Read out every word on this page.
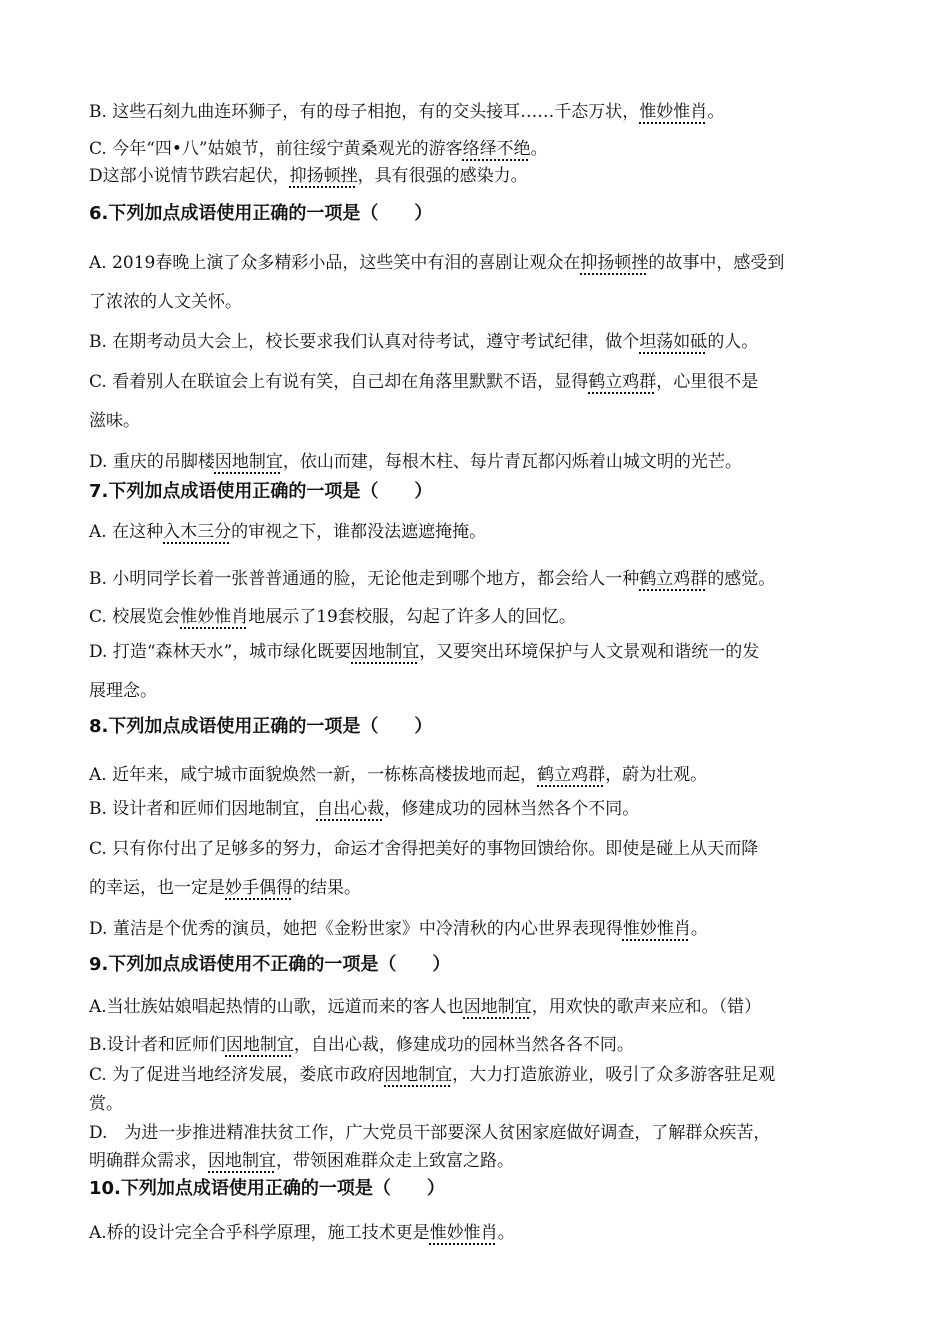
B. 这些石刻九曲连环狮子，有的母子相抱，有的交头接耳……千态万状，惟妙惟肖。
C. 今年“四•八”姑娘节，前往绥宁黄桑观光的游客络绎不绝。
D这部小说情节跌宕起伏，抑扬顿挫，具有很强的感染力。
6.下列加点成语使用正确的一项是（　　）
A. 2019春晚上演了众多精彩小品，这些笑中有泪的喜剧让观众在抑扬顿挫的故事中，感受到
了浓浓的人文关怀。
B. 在期考动员大会上，校长要求我们认真对待考试，遵守考试纪律，做个坦荡如砥的人。
C. 看着别人在联谊会上有说有笑，自己却在角落里默默不语，显得鹤立鸡群，心里很不是
滋味。
D. 重庆的吊脚楼因地制宜，依山而建，每根木柱、每片青瓦都闪烁着山城文明的光芒。
7.下列加点成语使用正确的一项是（　　）
A. 在这种入木三分的审视之下，谁都没法遮遮掩掩。
B. 小明同学长着一张普普通通的脸，无论他走到哪个地方，都会给人一种鹤立鸡群的感觉。
C. 校展览会惟妙惟肖地展示了19套校服，勾起了许多人的回忆。
D. 打造“森林天水”，城市绿化既要因地制宜，又要突出环境保护与人文景观和谐统一的发
展理念。
8.下列加点成语使用正确的一项是（　　）
A. 近年来，咸宁城市面貌焕然一新，一栋栋高楼拔地而起，鹤立鸡群，蔚为壮观。
B. 设计者和匠师们因地制宜，自出心裁，修建成功的园林当然各个不同。
C. 只有你付出了足够多的努力，命运才舍得把美好的事物回馈给你。即使是碰上从天而降
的幸运，也一定是妙手偶得的结果。
D. 董洁是个优秀的演员，她把《金粉世家》中冷清秋的内心世界表现得惟妙惟肖。
9.下列加点成语使用不正确的一项是（　　）
A.当壮族姑娘唱起热情的山歌，远道而来的客人也因地制宜，用欢快的歌声来应和。（错）
B.设计者和匠师们因地制宜，自出心裁，修建成功的园林当然各各不同。
C. 为了促进当地经济发展，娄底市政府因地制宜，大力打造旅游业，吸引了众多游客驻足观
赏。
D.　为进一步推进精准扶贫工作，广大党员干部要深人贫困家庭做好调查，了解群众疾苦，
明确群众需求，因地制宜，带领困难群众走上致富之路。
10.下列加点成语使用正确的一项是（　　）
A.桥的设计完全合乎科学原理，施工技术更是惟妙惟肖。
